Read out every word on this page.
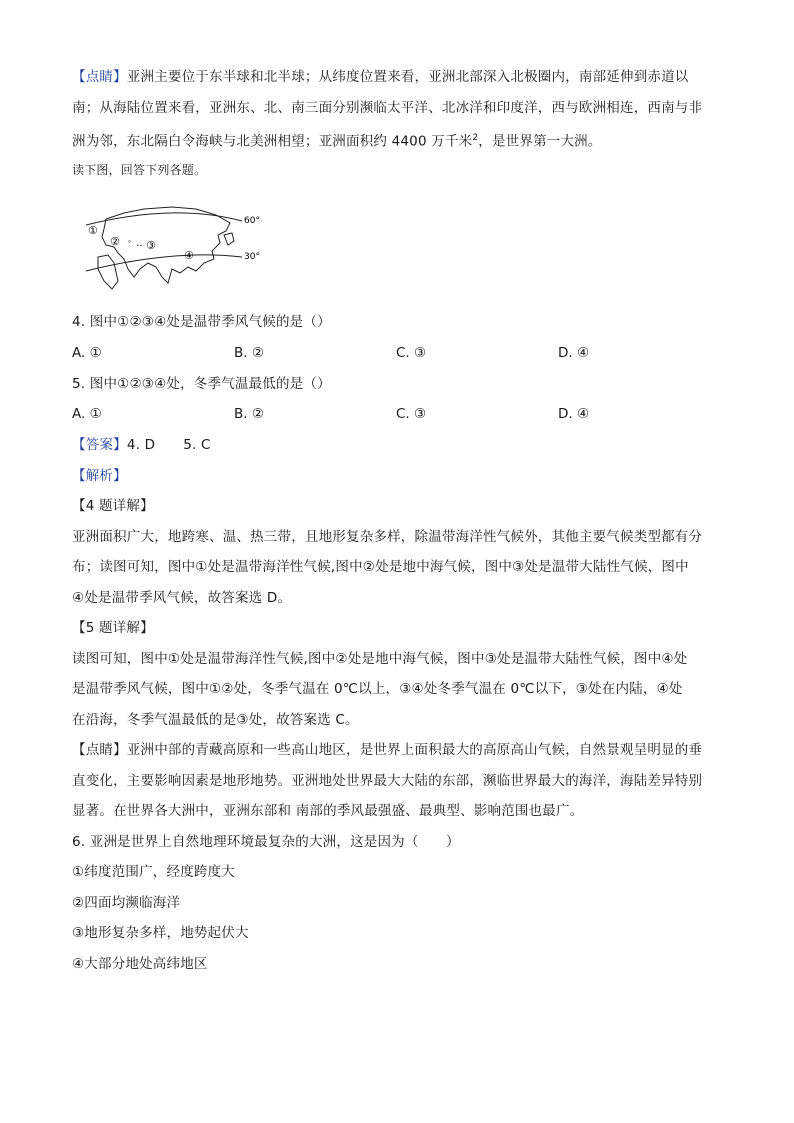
【点睛】亚洲主要位于东半球和北半球；从纬度位置来看，亚洲北部深入北极圈内，南部延伸到赤道以

南；从海陆位置来看，亚洲东、北、南三面分别濒临太平洋、北冰洋和印度洋，西与欧洲相连，西南与非

洲为邻，东北隔白令海峡与北美洲相望；亚洲面积约 4400 万千米$^2$，是世界第一大洲。

读下图，回答下列各题。

①
② ﾟ ·· ③
④
60°
30°

4. 图中①②③④处是温带季风气候的是（）

A. ①	B. ②	C. ③	D. ④

5. 图中①②③④处，冬季气温最低的是（）

A. ①	B. ②	C. ③	D. ④

【答案】4. D 5. C

【解析】

【4 题详解】

亚洲面积广大，地跨寒、温、热三带，且地形复杂多样，除温带海洋性气候外，其他主要气候类型都有分

布；读图可知，图中①处是温带海洋性气候,图中②处是地中海气候，图中③处是温带大陆性气候，图中

④处是温带季风气候，故答案选 D。

【5 题详解】

读图可知，图中①处是温带海洋性气候,图中②处是地中海气候，图中③处是温带大陆性气候，图中④处

是温带季风气候，图中①②处，冬季气温在 0℃以上，③④处冬季气温在 0℃以下，③处在内陆，④处

在沿海，冬季气温最低的是③处，故答案选 C。

【点睛】亚洲中部的青藏高原和一些高山地区，是世界上面积最大的高原高山气候，自然景观呈明显的垂

直变化，主要影响因素是地形地势。亚洲地处世界最大大陆的东部，濒临世界最大的海洋，海陆差异特别

显著。在世界各大洲中，亚洲东部和 南部的季风最强盛、最典型、影响范围也最广。

6. 亚洲是世界上自然地理环境最复杂的大洲，这是因为（　　）

①纬度范围广，经度跨度大

②四面均濒临海洋

③地形复杂多样，地势起伏大

④大部分地处高纬地区
